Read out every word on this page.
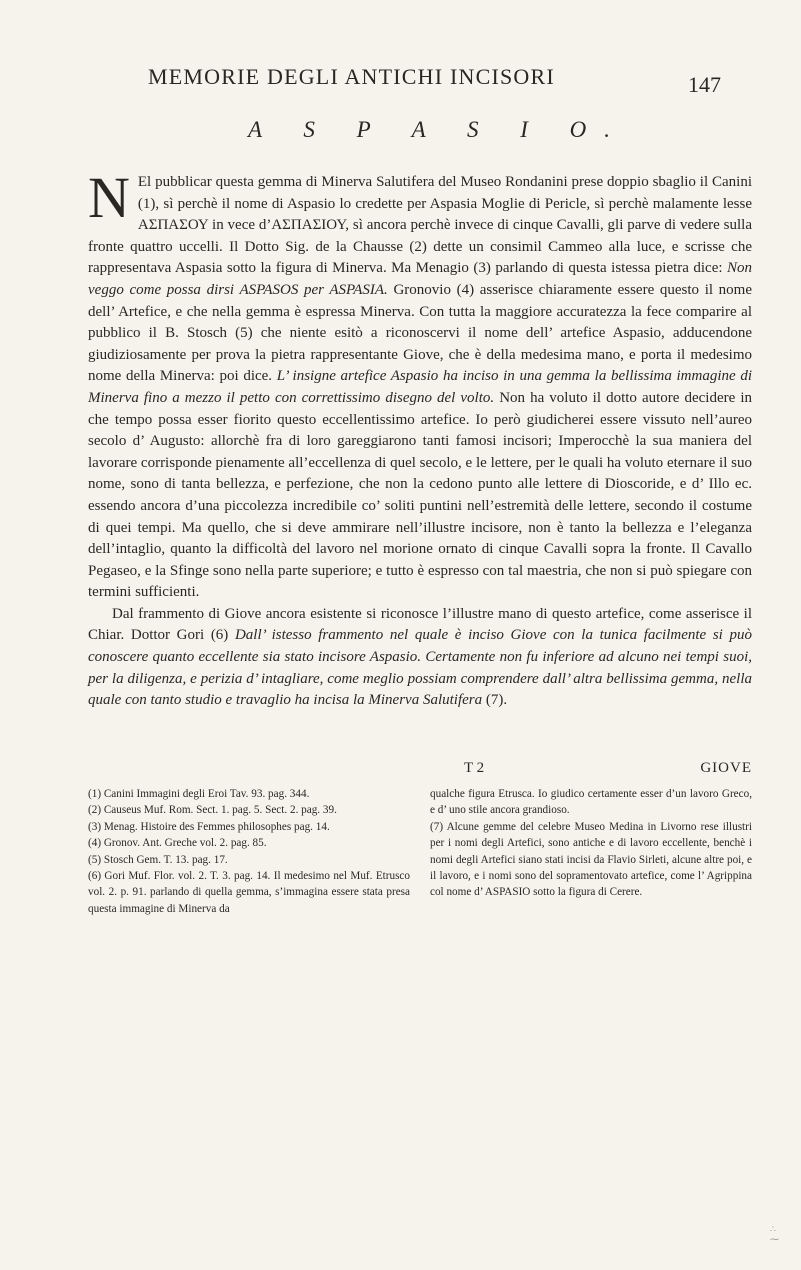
MEMORIE DEGLI ANTICHI INCISORI	147
A S P A S I O.

N El pubblicar questa gemma di Minerva Salutifera del Museo Rondanini prese doppio sbaglio il Canini (1), sì perchè il nome di Aspasio lo credette per Aspasia Moglie di Pericle, sì perchè malamente lesse ΑΣΠΑΣΟΥ in vece d’ΑΣΠΑΣΙΟΥ, sì ancora perchè invece di cinque Cavalli, gli parve di vedere sulla fronte quattro uccelli. Il Dotto Sig. de la Chausse (2) dette un consimil Cammeo alla luce, e scrisse che rappresentava Aspasia sotto la figura di Minerva. Ma Menagio (3) parlando di questa istessa pietra dice: Non veggo come possa dirsi ASPASOS per ASPASIA. Gronovio (4) asserisce chiaramente essere questo il nome dell’ Artefice, e che nella gemma è espressa Minerva. Con tutta la maggiore accuratezza la fece comparire al pubblico il B. Stosch (5) che niente esitò a riconoscervi il nome dell’ artefice Aspasio, adducendone giudiziosamente per prova la pietra rappresentante Giove, che è della medesima mano, e porta il medesimo nome della Minerva: poi dice. L’ insigne artefice Aspasio ha inciso in una gemma la bellissima immagine di Minerva fino a mezzo il petto con correttissimo disegno del volto. Non ha voluto il dotto autore decidere in che tempo possa esser fiorito questo eccellentissimo artefice. Io però giudicherei essere vissuto nell’aureo secolo d’ Augusto: allorchè fra di loro gareggiarono tanti famosi incisori; Imperocchè la sua maniera del lavorare corrisponde pienamente all’eccellenza di quel secolo, e le lettere, per le quali ha voluto eternare il suo nome, sono di tanta bellezza, e perfezione, che non la cedono punto alle lettere di Dioscoride, e d’ Illo ec. essendo ancora d’una piccolezza incredibile co’ soliti puntini nell’estremità delle lettere, secondo il costume di quei tempi. Ma quello, che si deve ammirare nell’illustre incisore, non è tanto la bellezza e l’eleganza dell’intaglio, quanto la difficoltà del lavoro nel morione ornato di cinque Cavalli sopra la fronte. Il Cavallo Pegaseo, e la Sfinge sono nella parte superiore; e tutto è espresso con tal maestria, che non si può spiegare con termini sufficienti.

Dal frammento di Giove ancora esistente si riconosce l’illustre mano di questo artefice, come asserisce il Chiar. Dottor Gori (6) Dall’ istesso frammento nel quale è inciso Giove con la tunica facilmente si può conoscere quanto eccellente sia stato incisore Aspasio. Certamente non fu inferiore ad alcuno nei tempi suoi, per la diligenza, e perizia d’ intagliare, come meglio possiam comprendere dall’ altra bellissima gemma, nella quale con tanto studio e travaglio ha incisa la Minerva Salutifera (7).

T 2	GIOVE
(1) Canini Immagini degli Eroi Tav. 93. pag. 344.
(2) Causeus Muf. Rom. Sect. 1. pag. 5. Sect. 2. pag. 39.
(3) Menag. Histoire des Femmes philosophes pag. 14.
(4) Gronov. Ant. Greche vol. 2. pag. 85.
(5) Stosch Gem. T. 13. pag. 17.
(6) Gori Muf. Flor. vol. 2. T. 3. pag. 14. Il medesimo nel Muf. Etrusco vol. 2. p. 91. parlando di quella gemma, s’immagina essere stata presa questa immagine di Minerva da
qualche figura Etrusca. Io giudico certamente esser d’un lavoro Greco, e d’ uno stile ancora grandioso.
(7) Alcune gemme del celebre Museo Medina in Livorno rese illustri per i nomi degli Artefici, sono antiche e di lavoro eccellente, benchè i nomi degli Artefici siano stati incisi da Flavio Sirleti, alcune altre poi, e il lavoro, e i nomi sono del sopramentovato artefice, come l’ Agrippina col nome d’ ASPASIO sotto la figura di Cerere.
∴
⁓
